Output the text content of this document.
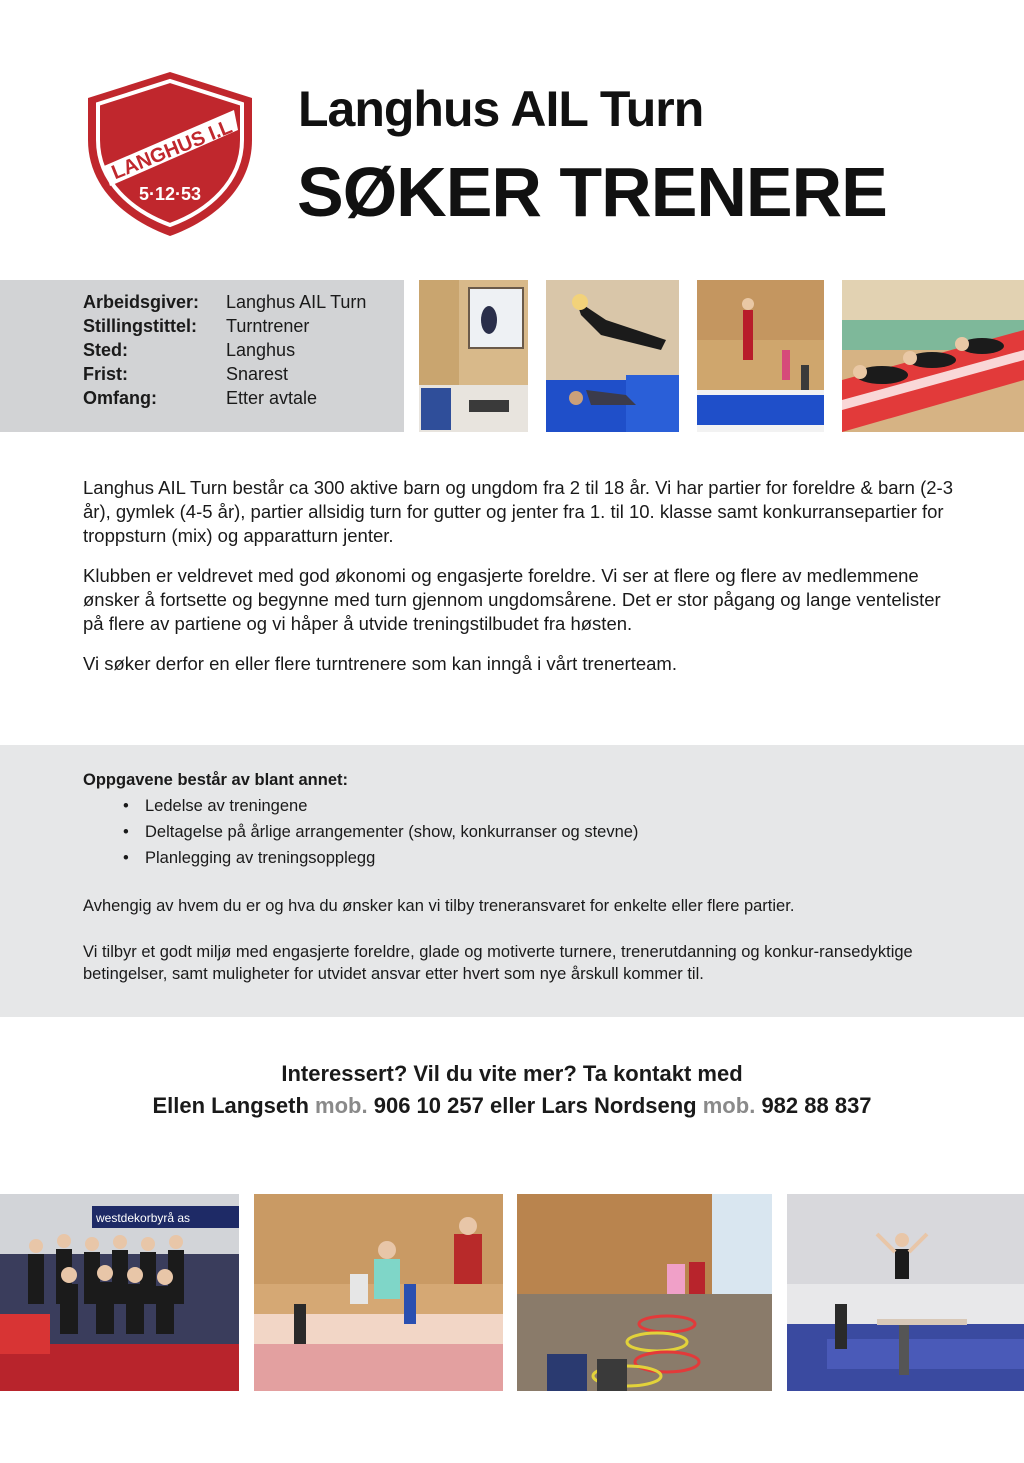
LANGHUS I.L
5·12·53
Langhus AIL Turn
SØKER TRENERE
Arbeidsgiver: Langhus AIL Turn
Stillingstittel: Turntrener
Sted:	Langhus
Frist:	Snarest
Omfang:	Etter avtale

Langhus AIL Turn består ca 300 aktive barn og ungdom fra 2 til 18 år. Vi har partier for foreldre & barn (2-3 år), gymlek (4-5 år), partier allsidig turn for gutter og jenter fra 1. til 10. klasse samt konkurransepartier for troppsturn (mix) og apparatturn jenter.

Klubben er veldrevet med god økonomi og engasjerte foreldre. Vi ser at flere og flere av medlemmene ønsker å fortsette og begynne med turn gjennom ungdomsårene. Det er stor pågang og lange ventelister på flere av partiene og vi håper å utvide treningstilbudet fra høsten.

Vi søker derfor en eller flere turntrenere som kan inngå i vårt trenerteam.

Oppgavene består av blant annet:
• Ledelse av treningene
• Deltagelse på årlige arrangementer (show, konkurranser og stevne)
• Planlegging av treningsopplegg
Avhengig av hvem du er og hva du ønsker kan vi tilby treneransvaret for enkelte eller flere partier.
Vi tilbyr et godt miljø med engasjerte foreldre, glade og motiverte turnere, trenerutdanning og konkur-ransedyktige betingelser, samt muligheter for utvidet ansvar etter hvert som nye årskull kommer til.
Interessert? Vil du vite mer? Ta kontakt med
Ellen Langseth mob. 906 10 257 eller Lars Nordseng mob. 982 88 837
westdekorbyrå as
